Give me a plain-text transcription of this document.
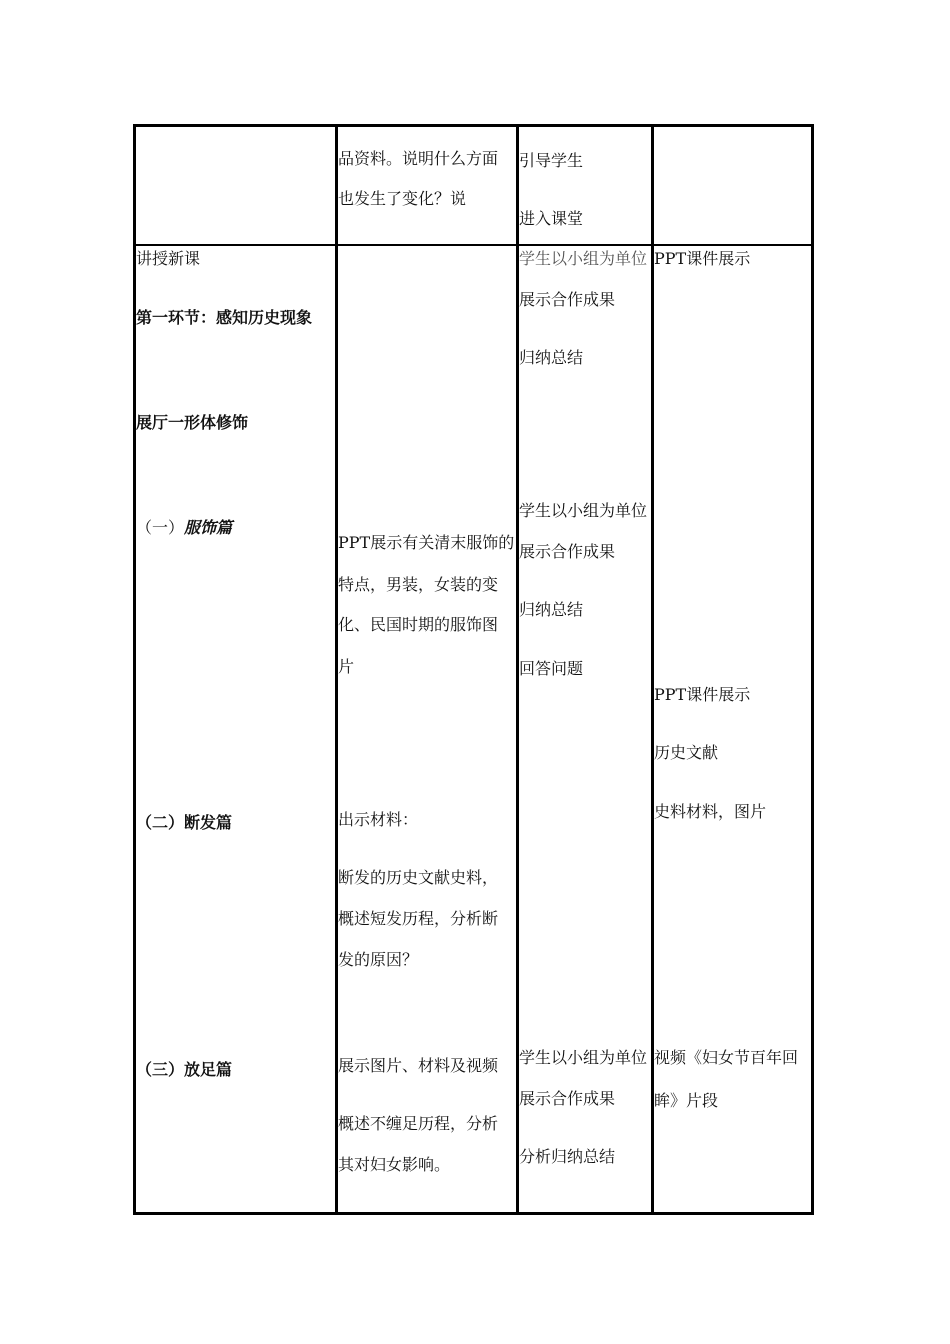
品资料。说明什么方面
也发生了变化？说
引导学生
进入课堂
讲授新课
第一环节：感知历史现象
展厅一形体修饰
（一）服饰篇
（二）断发篇
（三）放足篇
PPT展示有关清末服饰的
特点，男装，女装的变
化、民国时期的服饰图
片
出示材料：
断发的历史文献史料，
概述短发历程，分析断
发的原因？
展示图片、材料及视频
概述不缠足历程，分析
其对妇女影响。
学生以小组为单位
展示合作成果
归纳总结
学生以小组为单位
展示合作成果
归纳总结
回答问题
学生以小组为单位
展示合作成果
分析归纳总结
PPT课件展示
PPT课件展示
历史文献
史料材料，图片
视频《妇女节百年回
眸》片段
